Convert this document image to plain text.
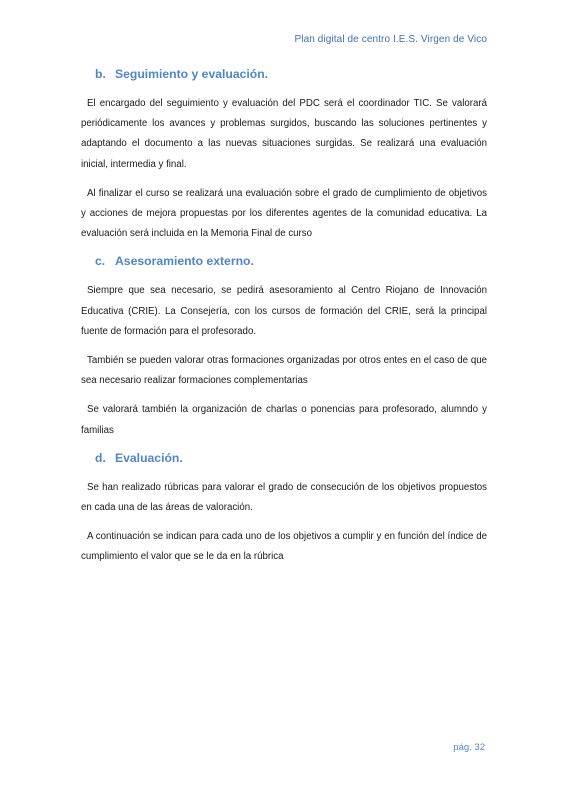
Plan digital de centro I.E.S. Virgen de Vico
b. Seguimiento y evaluación.

El encargado del seguimiento y evaluación del PDC será el coordinador TIC. Se valorará periódicamente los avances y problemas surgidos, buscando las soluciones pertinentes y adaptando el documento a las nuevas situaciones surgidas. Se realizará una evaluación inicial, intermedia y final.

Al finalizar el curso se realizará una evaluación sobre el grado de cumplimiento de objetivos y acciones de mejora propuestas por los diferentes agentes de la comunidad educativa. La evaluación será incluida en la Memoria Final de curso

c. Asesoramiento externo.

Siempre que sea necesario, se pedirá asesoramiento al Centro Riojano de Innovación Educativa (CRIE). La Consejería, con los cursos de formación del CRIE, será la principal fuente de formación para el profesorado.

También se pueden valorar otras formaciones organizadas por otros entes en el caso de que sea necesario realizar formaciones complementarias

Se valorará también la organización de charlas o ponencias para profesorado, alumndo y familias

d. Evaluación.

Se han realizado rúbricas para valorar el grado de consecución de los objetivos propuestos en cada una de las áreas de valoración.

A continuación se indican para cada uno de los objetivos a cumplir y en función del índice de cumplimiento el valor que se le da en la rúbrica

pág. 32
